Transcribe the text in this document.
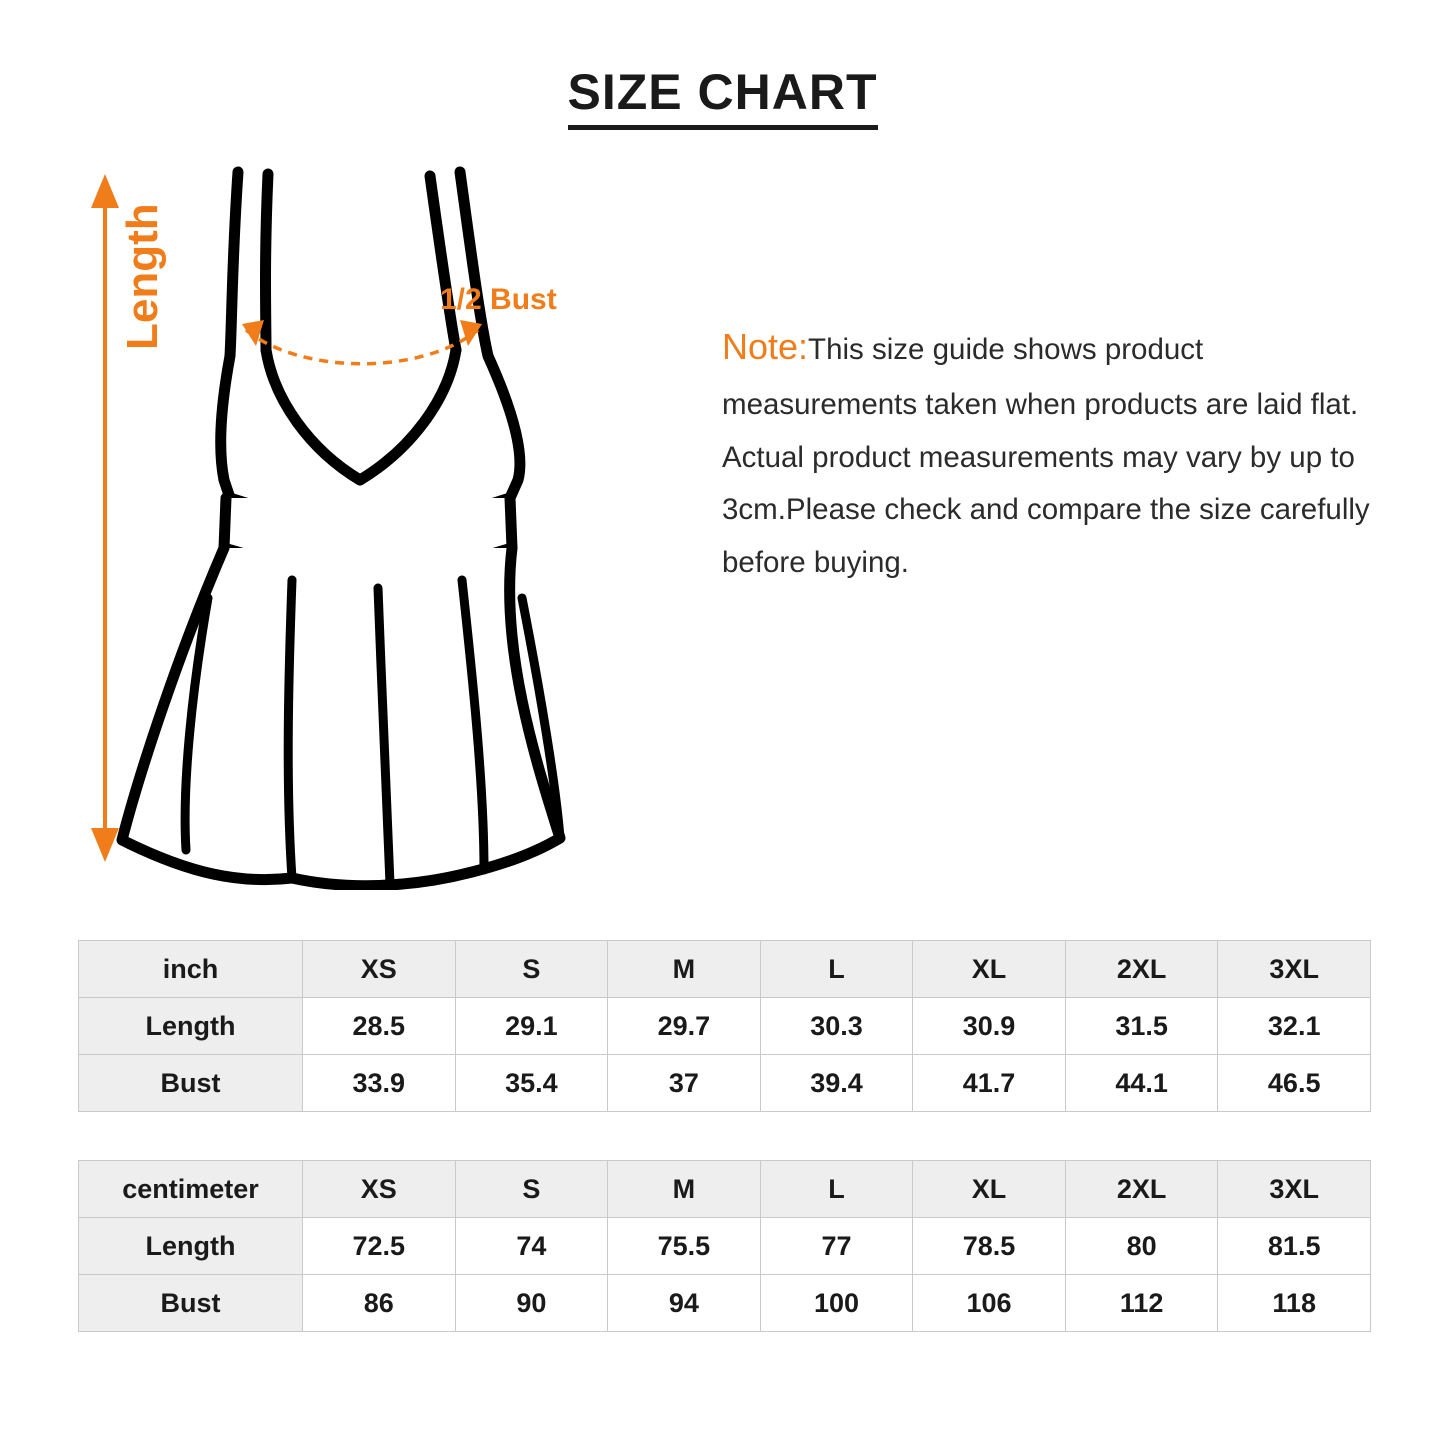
SIZE CHART
Length	1/2 Bust
Note:This size guide shows product measurements taken when products are laid flat. Actual product measurements may vary by up to 3cm.Please check and compare the size carefully before buying.
inch	XS	S	M	L	XL	2XL	3XL
Length	28.5	29.1	29.7	30.3	30.9	31.5	32.1
Bust	33.9	35.4	37	39.4	41.7	44.1	46.5
centimeter	XS	S	M	L	XL	2XL	3XL
Length	72.5	74	75.5	77	78.5	80	81.5
Bust	86	90	94	100	106	112	118
